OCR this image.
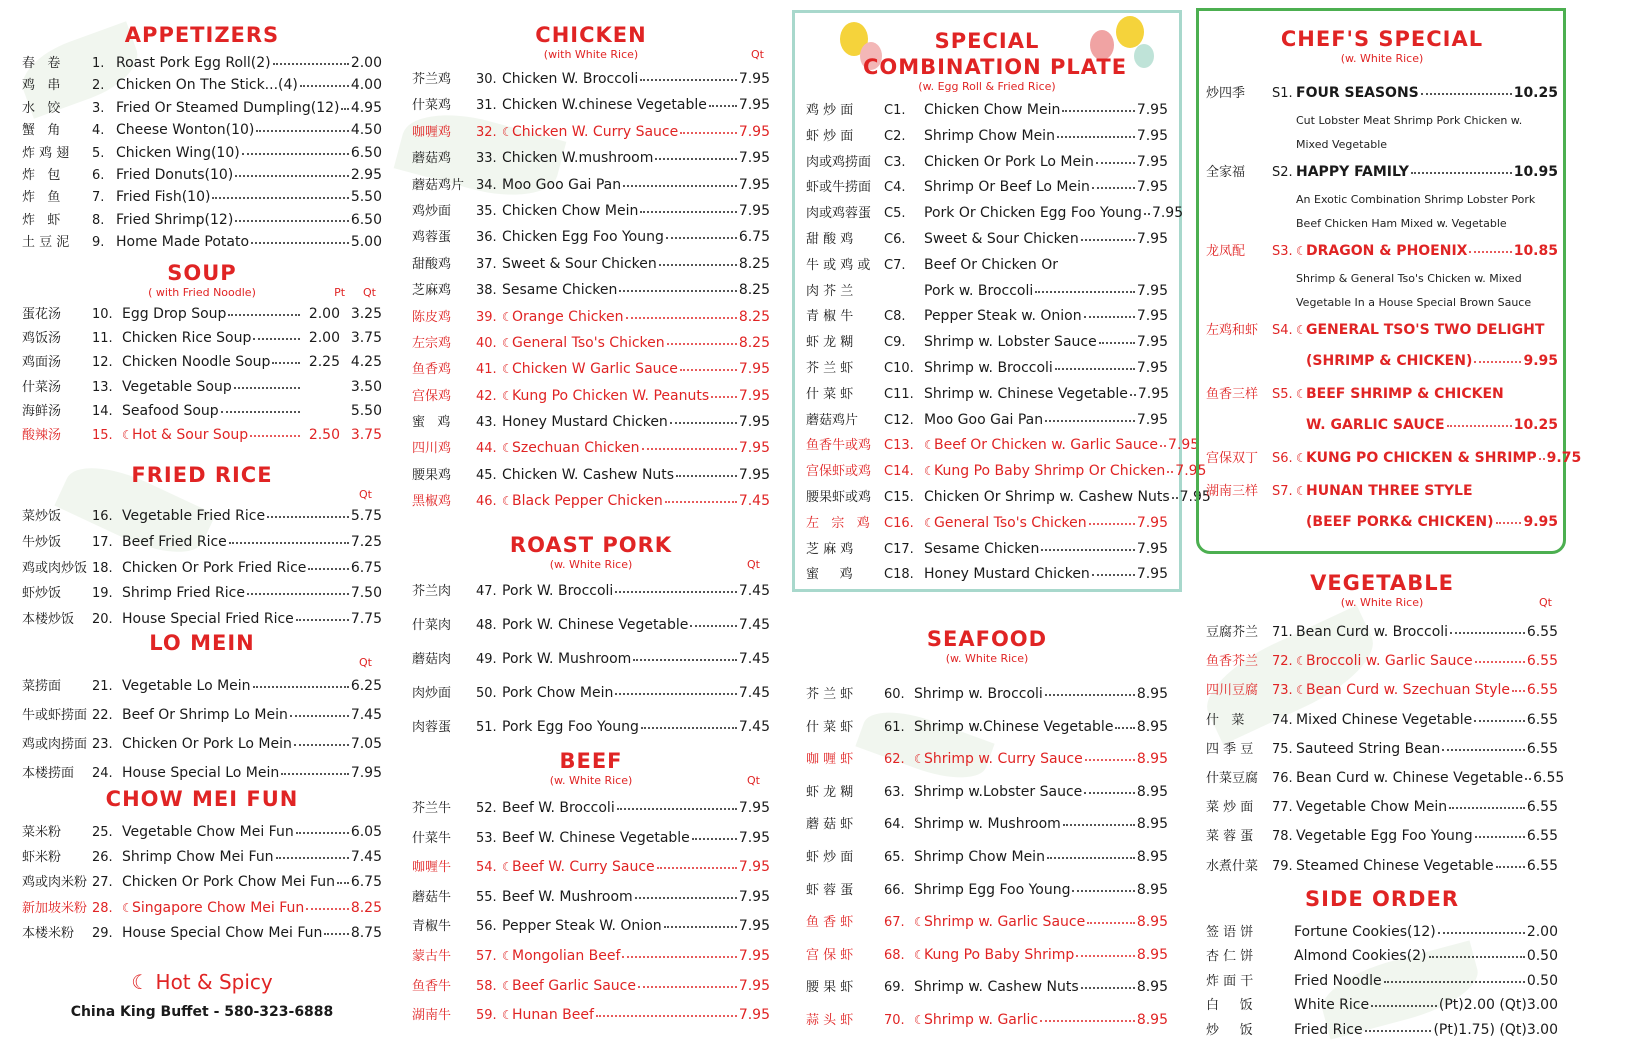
APPETIZERS
春   卷	1. Roast Pork Egg Roll(2)	2.00
鸡   串	2. Chicken On The Stick...(4)	4.00
水   饺	3. Fried Or Steamed Dumpling(12) 4.95
蟹   角	4. Cheese Wonton(10)	4.50
炸 鸡 翅	5. Chicken Wing(10)	6.50
炸   包	6. Fried Donuts(10)	2.95
炸   鱼	7. Fried Fish(10)	5.50
炸   虾	8. Fried Shrimp(12)	6.50
土 豆 泥	9. Home Made Potato	5.00
SOUP
( with Fried Noodle)	Pt Qt
蛋花汤	10. Egg Drop Soup	2.00 3.25
鸡饭汤	11. Chicken Rice Soup	2.00 3.75
鸡面汤	12. Chicken Noodle Soup	2.25 4.25
什菜汤	13. Vegetable Soup	3.50
海鲜汤	14. Seafood Soup	5.50
酸辣汤	15. ☾ Hot & Sour Soup	2.50 3.75
FRIED RICE
Qt
菜炒饭	16. Vegetable Fried Rice	5.75
牛炒饭	17. Beef Fried Rice	7.25
鸡或肉炒饭 18. Chicken Or Pork Fried Rice	6.75
虾炒饭	19. Shrimp Fried Rice	7.50
本楼炒饭	20. House Special Fried Rice	7.75
LO MEIN
Qt
菜捞面	21. Vegetable Lo Mein	6.25
牛或虾捞面 22. Beef Or Shrimp Lo Mein	7.45
鸡或肉捞面 23. Chicken Or Pork Lo Mein	7.05
本楼捞面	24. House Special Lo Mein	7.95
CHOW MEI FUN
菜米粉	25. Vegetable Chow Mei Fun	6.05
虾米粉	26. Shrimp Chow Mei Fun	7.45
鸡或肉米粉 27. Chicken Or Pork Chow Mei Fun 6.75
新加坡米粉 28. ☾ Singapore Chow Mei Fun	8.25
本楼米粉	29. House Special Chow Mei Fun 8.75
☾ Hot & Spicy
China King Buffet - 580-323-6888
CHICKEN
(with White Rice)	Qt
芥兰鸡	30. Chicken W. Broccoli	7.95
什菜鸡	31. Chicken W.chinese Vegetable 7.95
咖喱鸡	32. ☾ Chicken W. Curry Sauce	7.95
蘑菇鸡	33. Chicken W.mushroom	7.95
蘑菇鸡片 34. Moo Goo Gai Pan	7.95
鸡炒面	35. Chicken Chow Mein	7.95
鸡蓉蛋	36. Chicken Egg Foo Young	6.75
甜酸鸡	37. Sweet & Sour Chicken	8.25
芝麻鸡	38. Sesame Chicken	8.25
陈皮鸡	39. ☾ Orange Chicken	8.25
左宗鸡	40. ☾ General Tso's Chicken	8.25
鱼香鸡	41. ☾ Chicken W Garlic Sauce	7.95
宫保鸡	42. ☾ Kung Po Chicken W. Peanuts 7.95
蜜   鸡	43. Honey Mustard Chicken	7.95
四川鸡	44. ☾ Szechuan Chicken	7.95
腰果鸡	45. Chicken W. Cashew Nuts	7.95
黑椒鸡	46. ☾ Black Pepper Chicken	7.45
ROAST PORK
(w. White Rice)	Qt
芥兰肉	47. Pork W. Broccoli	7.45
什菜肉	48. Pork W. Chinese Vegetable	7.45
蘑菇肉	49. Pork W. Mushroom	7.45
肉炒面	50. Pork Chow Mein	7.45
肉蓉蛋	51. Pork Egg Foo Young	7.45
BEEF
(w. White Rice)	Qt
芥兰牛	52. Beef W. Broccoli	7.95
什菜牛	53. Beef W. Chinese Vegetable	7.95
咖喱牛	54. ☾ Beef W. Curry Sauce	7.95
蘑菇牛	55. Beef W. Mushroom	7.95
青椒牛	56. Pepper Steak W. Onion	7.95
蒙古牛	57. ☾ Mongolian Beef	7.95
鱼香牛	58. ☾ Beef Garlic Sauce	7.95
湖南牛	59. ☾ Hunan Beef	7.95
SPECIAL
COMBINATION PLATE
(w. Egg Roll & Fried Rice)
鸡 炒 面	C1.	Chicken Chow Mein	7.95
虾 炒 面	C2.	Shrimp Chow Mein	7.95
肉或鸡捞面 C3.	Chicken Or Pork Lo Mein	7.95
虾或牛捞面 C4.	Shrimp Or Beef Lo Mein	7.95
肉或鸡蓉蛋 C5.	Pork Or Chicken Egg Foo Young 7.95
甜 酸 鸡	C6.	Sweet & Sour Chicken	7.95
牛 或 鸡 或	C7.	Beef Or Chicken Or
肉 芥 兰	Pork w. Broccoli	7.95
青 椒 牛	C8.	Pepper Steak w. Onion	7.95
虾 龙 糊	C9.	Shrimp w. Lobster Sauce	7.95
芥 兰 虾	C10. Shrimp w. Broccoli	7.95
什 菜 虾	C11. Shrimp w. Chinese Vegetable 7.95
蘑菇鸡片	C12. Moo Goo Gai Pan	7.95
鱼香牛或鸡 C13. ☾ Beef Or Chicken w. Garlic Sauce 7.95
宫保虾或鸡 C14. ☾ Kung Po Baby Shrimp Or Chicken 7.95
腰果虾或鸡 C15. Chicken Or Shrimp w. Cashew Nuts 7.95
左   宗   鸡	C16. ☾ General Tso's Chicken	7.95
芝 麻 鸡	C17. Sesame Chicken	7.95
蜜     鸡	C18. Honey Mustard Chicken	7.95
SEAFOOD
(w. White Rice)
芥 兰 虾	60. Shrimp w. Broccoli	8.95
什 菜 虾	61. Shrimp w.Chinese Vegetable 8.95
咖 喱 虾	62. ☾ Shrimp w. Curry Sauce	8.95
虾 龙 糊	63. Shrimp w.Lobster Sauce	8.95
蘑 菇 虾	64. Shrimp w. Mushroom	8.95
虾 炒 面	65. Shrimp Chow Mein	8.95
虾 蓉 蛋	66. Shrimp Egg Foo Young	8.95
鱼 香 虾	67. ☾ Shrimp w. Garlic Sauce	8.95
宫 保 虾	68. ☾ Kung Po Baby Shrimp	8.95
腰 果 虾	69. Shrimp w. Cashew Nuts	8.95
蒜 头 虾	70. ☾ Shrimp w. Garlic	8.95
CHEF'S SPECIAL
(w. White Rice)
炒四季	S1. FOUR SEASONS	10.25
Cut Lobster Meat Shrimp Pork Chicken w.
Mixed Vegetable
全家福	S2. HAPPY FAMILY	10.95
An Exotic Combination Shrimp Lobster Pork
Beef Chicken Ham Mixed w. Vegetable
龙凤配	S3. ☾ DRAGON & PHOENIX	10.85
Shrimp & General Tso's Chicken w. Mixed
Vegetable In a House Special Brown Sauce
左鸡和虾	S4. ☾ GENERAL TSO'S TWO DELIGHT
(SHRIMP & CHICKEN)	9.95
鱼香三样	S5. ☾ BEEF SHRIMP & CHICKEN
W. GARLIC SAUCE	10.25
宫保双丁	S6. ☾ KUNG PO CHICKEN & SHRIMP 9.75
湖南三样	S7. ☾ HUNAN THREE STYLE
(BEEF PORK& CHICKEN) 9.95
VEGETABLE
(w. White Rice)	Qt
豆腐芥兰	71. Bean Curd w. Broccoli	6.55
鱼香芥兰	72. ☾ Broccoli w. Garlic Sauce	6.55
四川豆腐	73. ☾ Bean Curd w. Szechuan Style 6.55
什   菜	74. Mixed Chinese Vegetable	6.55
四 季 豆	75. Sauteed String Bean	6.55
什菜豆腐	76. Bean Curd w. Chinese Vegetable 6.55
菜 炒 面	77. Vegetable Chow Mein	6.55
菜 蓉 蛋	78. Vegetable Egg Foo Young	6.55
水煮什菜	79. Steamed Chinese Vegetable 6.55
SIDE ORDER
签 语 饼	Fortune Cookies(12)	2.00
杏 仁 饼	Almond Cookies(2)	0.50
炸 面 干	Fried Noodle	0.50
白     饭	White Rice	(Pt)2.00 (Qt)3.00
炒     饭	Fried Rice	(Pt)1.75) (Qt)3.00
